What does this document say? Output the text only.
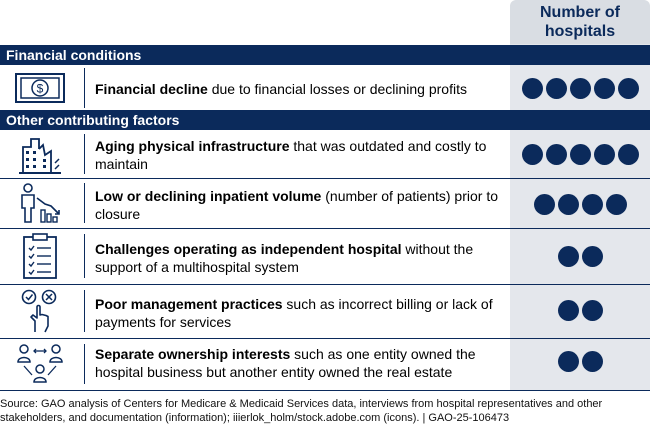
Number of hospitals
Financial conditions
$	Financial decline due to financial losses or declining profits
Other contributing factors
Aging physical infrastructure that was outdated and costly to maintain
Low or declining inpatient volume (number of patients) prior to closure
Challenges operating as independent hospital without the support of a multihospital system
Poor management practices such as incorrect billing or lack of payments for services
Separate ownership interests such as one entity owned the hospital business but another entity owned the real estate
Source: GAO analysis of Centers for Medicare & Medicaid Services data, interviews from hospital representatives and other stakeholders, and documentation (information); iiierlok_holm/stock.adobe.com (icons). | GAO-25-106473
